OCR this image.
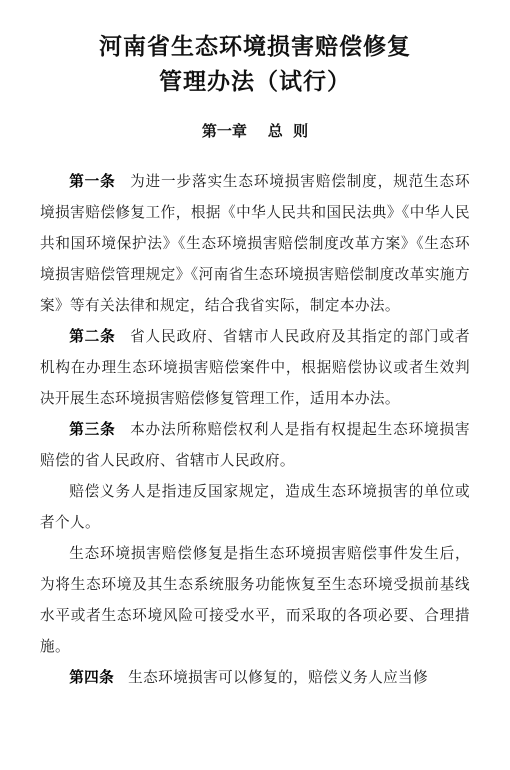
河南省生态环境损害赔偿修复
管理办法（试行）
第一章    总  则

第一条 为进一步落实生态环境损害赔偿制度，规范生态环境损害赔偿修复工作，根据《中华人民共和国民法典》《中华人民共和国环境保护法》《生态环境损害赔偿制度改革方案》《生态环境损害赔偿管理规定》《河南省生态环境损害赔偿制度改革实施方案》等有关法律和规定，结合我省实际，制定本办法。

第二条 省人民政府、省辖市人民政府及其指定的部门或者机构在办理生态环境损害赔偿案件中，根据赔偿协议或者生效判决开展生态环境损害赔偿修复管理工作，适用本办法。

第三条 本办法所称赔偿权利人是指有权提起生态环境损害赔偿的省人民政府、省辖市人民政府。

赔偿义务人是指违反国家规定，造成生态环境损害的单位或者个人。

生态环境损害赔偿修复是指生态环境损害赔偿事件发生后，为将生态环境及其生态系统服务功能恢复至生态环境受损前基线水平或者生态环境风险可接受水平，而采取的各项必要、合理措施。

第四条 生态环境损害可以修复的，赔偿义务人应当修
